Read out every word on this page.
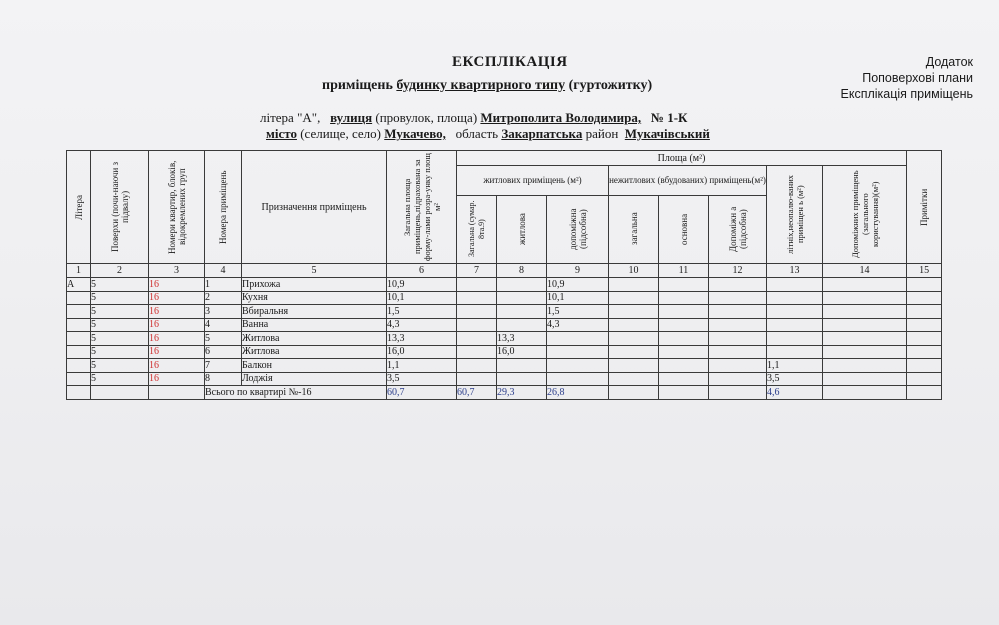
ЕКСПЛІКАЦІЯ
приміщень будинку квартирного типу (гуртожитку)
Додаток
Поповерхові плани
Експлікація приміщень
літера "А", вулиця (провулок, площа) Митрополита Володимира, № 1-К
місто (селище, село) Мукачево, область Закарпатська район Мукачівський
Літера	Поверхи (почи-наючи з підвалу)	Номери квартир, блоків, відокремлених груп	Номера приміщень	Призначення приміщень	Загальна площа приміщень,підрахована за форму-лами розра-унку площ м²	Площа (м²)								Примітки

						житлових приміщень (м²)			нежитлових (вбудованих) приміщень(м²)			літніх,неопалю-ваних приміщен ь (м²)	Допоміжних приміщень (загального користування)(м²)	

						Загальна (сумар. 8та.9)	житлова	допоміжна (підсобна)	загальна	основна	Допоміжн а (підсобна)			

1	2	3	4	5	6	7	8	9	10	11	12	13	14	15
А	5	16	1	Прихожа	10,9			10,9						
	5	16	2	Кухня	10,1			10,1						
	5	16	3	Вбиральня	1,5			1,5						
	5	16	4	Ванна	4,3			4,3						
	5	16	5	Житлова	13,3		13,3							
	5	16	6	Житлова	16,0		16,0							
	5	16	7	Балкон	1,1							1,1		
	5	16	8	Лоджія	3,5							3,5		
			Всього по квартирі №-16		60,7	60,7	29,3	26,8				4,6		
